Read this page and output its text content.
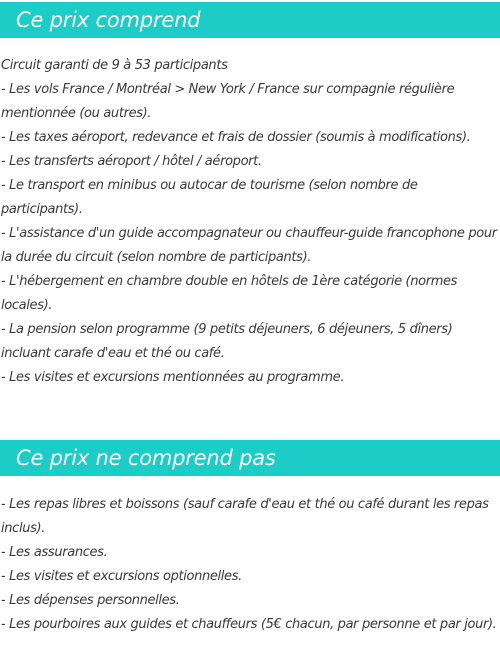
Ce prix comprend
Circuit garanti de 9 à 53 participants
- Les vols France / Montréal > New York / France sur compagnie régulière mentionnée (ou autres).
- Les taxes aéroport, redevance et frais de dossier (soumis à modifications).
- Les transferts aéroport / hôtel / aéroport.
- Le transport en minibus ou autocar de tourisme (selon nombre de participants).
- L'assistance d'un guide accompagnateur ou chauffeur-guide francophone pour la durée du circuit (selon nombre de participants).
- L'hébergement en chambre double en hôtels de 1ère catégorie (normes locales).
- La pension selon programme (9 petits déjeuners, 6 déjeuners, 5 dîners) incluant carafe d'eau et thé ou café.
- Les visites et excursions mentionnées au programme.
Ce prix ne comprend pas
- Les repas libres et boissons (sauf carafe d'eau et thé ou café durant les repas inclus).
- Les assurances.
- Les visites et excursions optionnelles.
- Les dépenses personnelles.
- Les pourboires aux guides et chauffeurs (5€ chacun, par personne et par jour).
